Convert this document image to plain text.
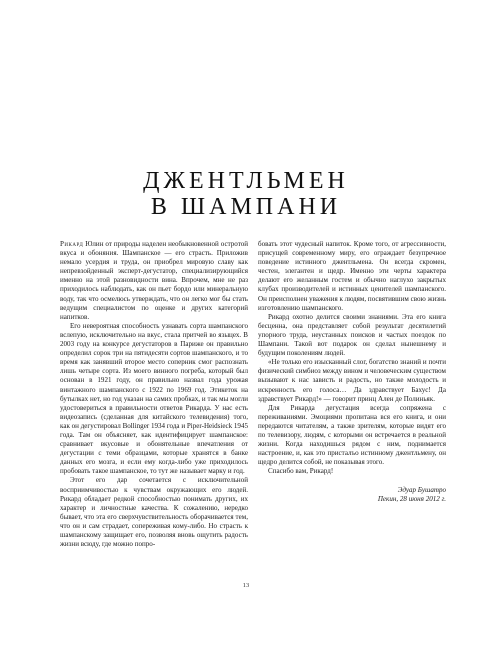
ДЖЕНТЛЬМЕН
В ШАМПАНИ

Рикард Юлин от природы наделен необыкновенной остротой вкуса и обоняния. Шампанское — его страсть. Приложив немало усердия и труда, он приобрел мировую славу как непревзойденный эксперт-дегустатор, специализирующийся именно на этой разновидности вина. Впрочем, мне не раз приходилось наблюдать, как он пьет бордо или минеральную воду, так что осмелюсь утверждать, что он легко мог бы стать ведущим специалистом по оценке и других категорий напитков.

Его невероятная способность узнавать сорта шампанского вслепую, исключительно на вкус, стала притчей во языцех. В 2003 году на конкурсе дегустаторов в Париже он правильно определил сорок три на пятидесяти сортов шампанского, и то время как занявший второе место соперник смог распознать лишь четыре сорта. Из моего винного погреба, который был основан в 1921 году, он правильно назвал года урожая винтажного шампанского с 1922 по 1969 год. Этикеток на бутылках нет, но год указан на самих пробках, и так мы могли удостовериться в правильности ответов Рикарда. У нас есть видеозапись (сделанная для китайского телевидения) того, как он дегустировал Bollinger 1934 года и Piper-Heidsieck 1945 года. Там он объясняет, как идентифицирует шампанское: сравнивает вкусовые и обонятельные впечатления от дегустации с теми образцами, которые хранятся в банке данных его мозга, и если ему когда-либо уже приходилось пробовать такое шампанское, то тут же называет марку и год.

Этот его дар сочетается с исключительной восприимчивостью к чувствам окружающих его людей. Рикард обладает редкой способностью понимать других, их характер и личностные качества. К сожалению, нередко бывает, что эта его сверхчувствительность оборачивается тем, что он и сам страдает, сопереживая кому-либо. Но страсть к шампанскому защищает его, позволяя вновь ощутить радость жизни всюду, где можно попро-

бовать этот чудесный напиток. Кроме того, от агрессивности, присущей современному миру, его ограждает безупречное поведение истинного джентльмена. Он всегда скромен, честен, элегантен и щедр. Именно эти черты характера делают его желанным гостем и обычно наглухо закрытых клубах производителей и истинных ценителей шампанского. Он преисполнен уважения к людям, посвятившим свою жизнь изготовлению шампанского.

Рикард охотно делится своими знаниями. Эта его книга бесценна, она представляет собой результат десятилетий упорного труда, неустанных поисков и частых поездок по Шампани. Такой вот подарок он сделал нынешнему и будущим поколениям людей.

«Не только его изысканный слог, богатство знаний и почти физический симбиоз между вином и человеческим существом вызывают к нас зависть и радость, но также молодость и искренность его голоса… Да здравствует Бахус! Да здравствует Рикард!» — говорит принц Ален де Полиньяк.

Для Рикарда дегустация всегда сопряжена с переживаниями. Эмоциями пропитана вся его книга, и они передаются читателям, а также зрителям, которые видят его по телевизору, людям, с которыми он встречается в реальной жизни. Когда находишься рядом с ним, поднимается настроение, и, как это присталъо истинному джентльмену, он щедро делится собой, не показывая этого.

Спасибо вам, Рикард!

Эдуар Бушатро
Пекин, 28 июня 2012 г.
13
